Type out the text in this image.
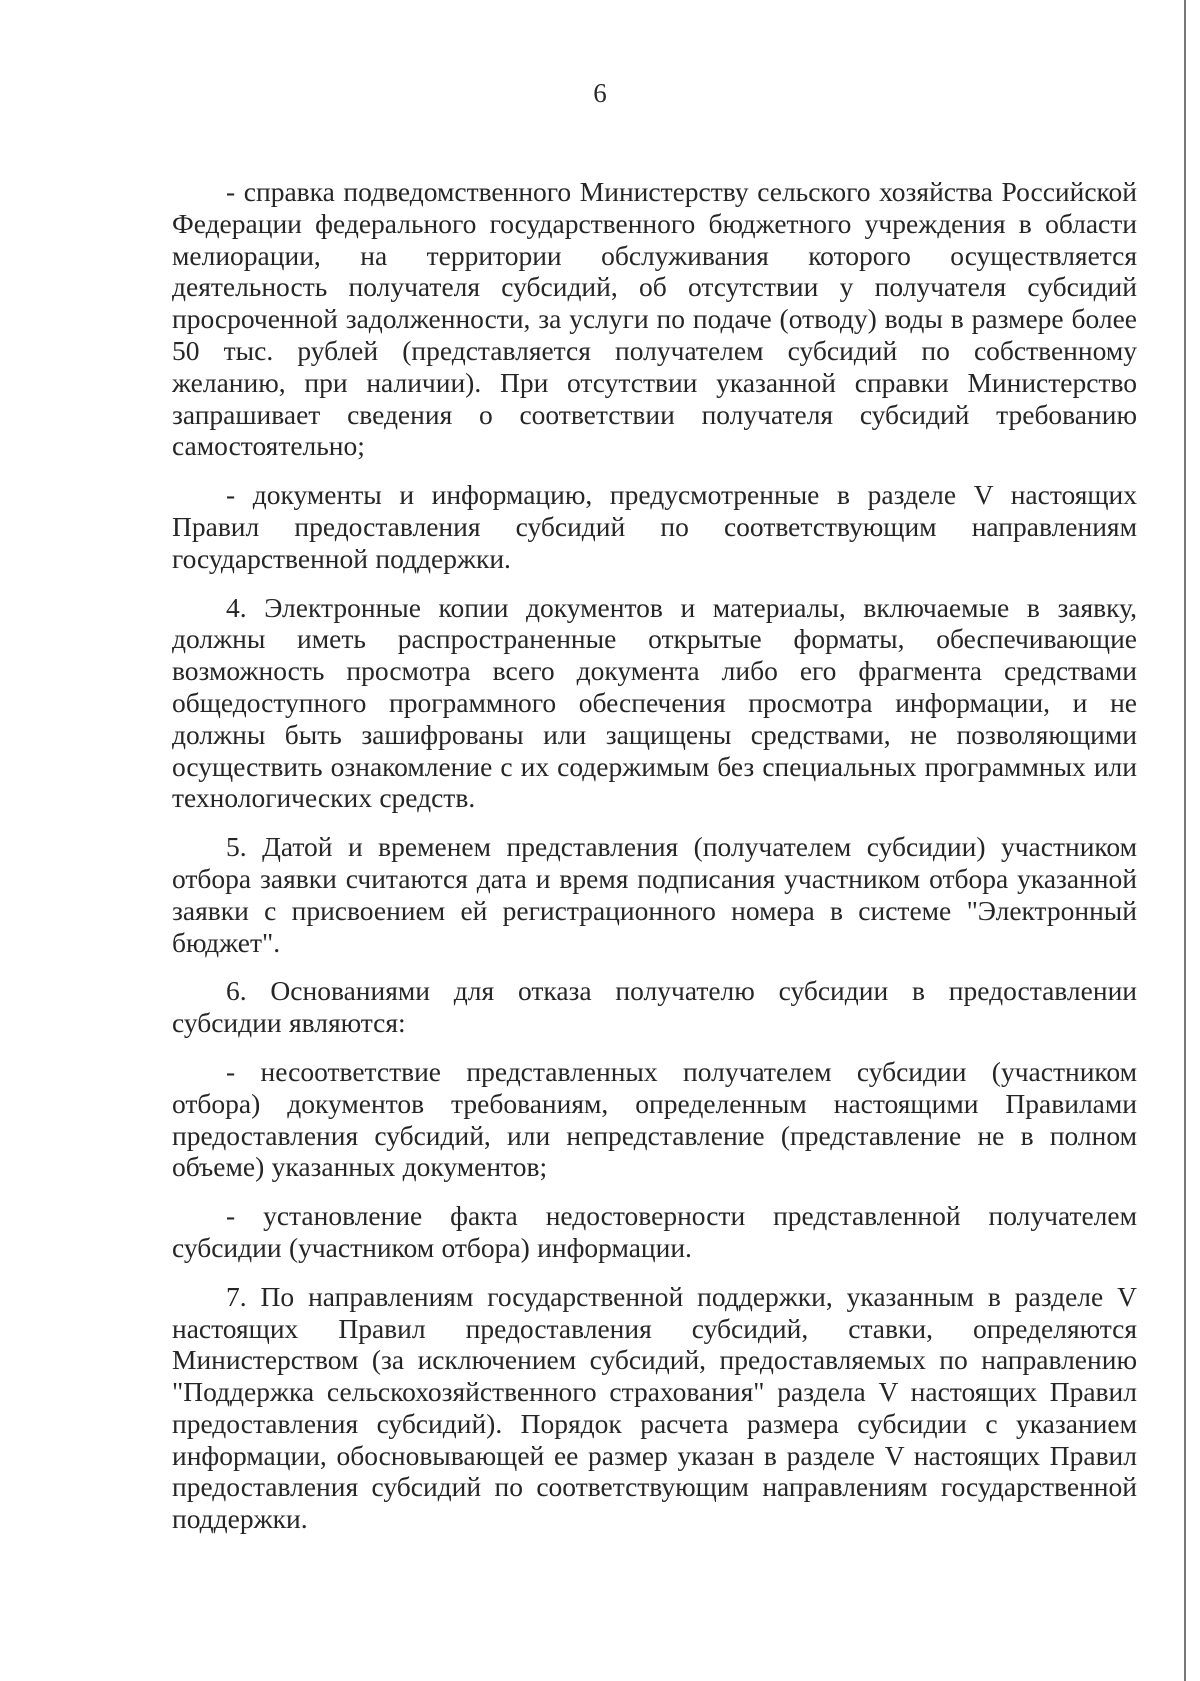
6

- справка подведомственного Министерству сельского хозяйства Российской Федерации федерального государственного бюджетного учреждения в области мелиорации, на территории обслуживания которого осуществляется деятельность получателя субсидий, об отсутствии у получателя субсидий просроченной задолженности, за услуги по подаче (отводу) воды в размере более 50 тыс. рублей (представляется получателем субсидий по собственному желанию, при наличии). При отсутствии указанной справки Министерство запрашивает сведения о соответствии получателя субсидий требованию самостоятельно;

- документы и информацию, предусмотренные в разделе V настоящих Правил предоставления субсидий по соответствующим направлениям государственной поддержки.

4. Электронные копии документов и материалы, включаемые в заявку, должны иметь распространенные открытые форматы, обеспечивающие возможность просмотра всего документа либо его фрагмента средствами общедоступного программного обеспечения просмотра информации, и не должны быть зашифрованы или защищены средствами, не позволяющими осуществить ознакомление с их содержимым без специальных программных или технологических средств.

5. Датой и временем представления (получателем субсидии) участником отбора заявки считаются дата и время подписания участником отбора указанной заявки с присвоением ей регистрационного номера в системе "Электронный бюджет".

6. Основаниями для отказа получателю субсидии в предоставлении субсидии являются:

- несоответствие представленных получателем субсидии (участником отбора) документов требованиям, определенным настоящими Правилами предоставления субсидий, или непредставление (представление не в полном объеме) указанных документов;

- установление факта недостоверности представленной получателем субсидии (участником отбора) информации.

7. По направлениям государственной поддержки, указанным в разделе V настоящих Правил предоставления субсидий, ставки, определяются Министерством (за исключением субсидий, предоставляемых по направлению "Поддержка сельскохозяйственного страхования" раздела V настоящих Правил предоставления субсидий). Порядок расчета размера субсидии с указанием информации, обосновывающей ее размер указан в разделе V настоящих Правил предоставления субсидий по соответствующим направлениям государственной поддержки.
